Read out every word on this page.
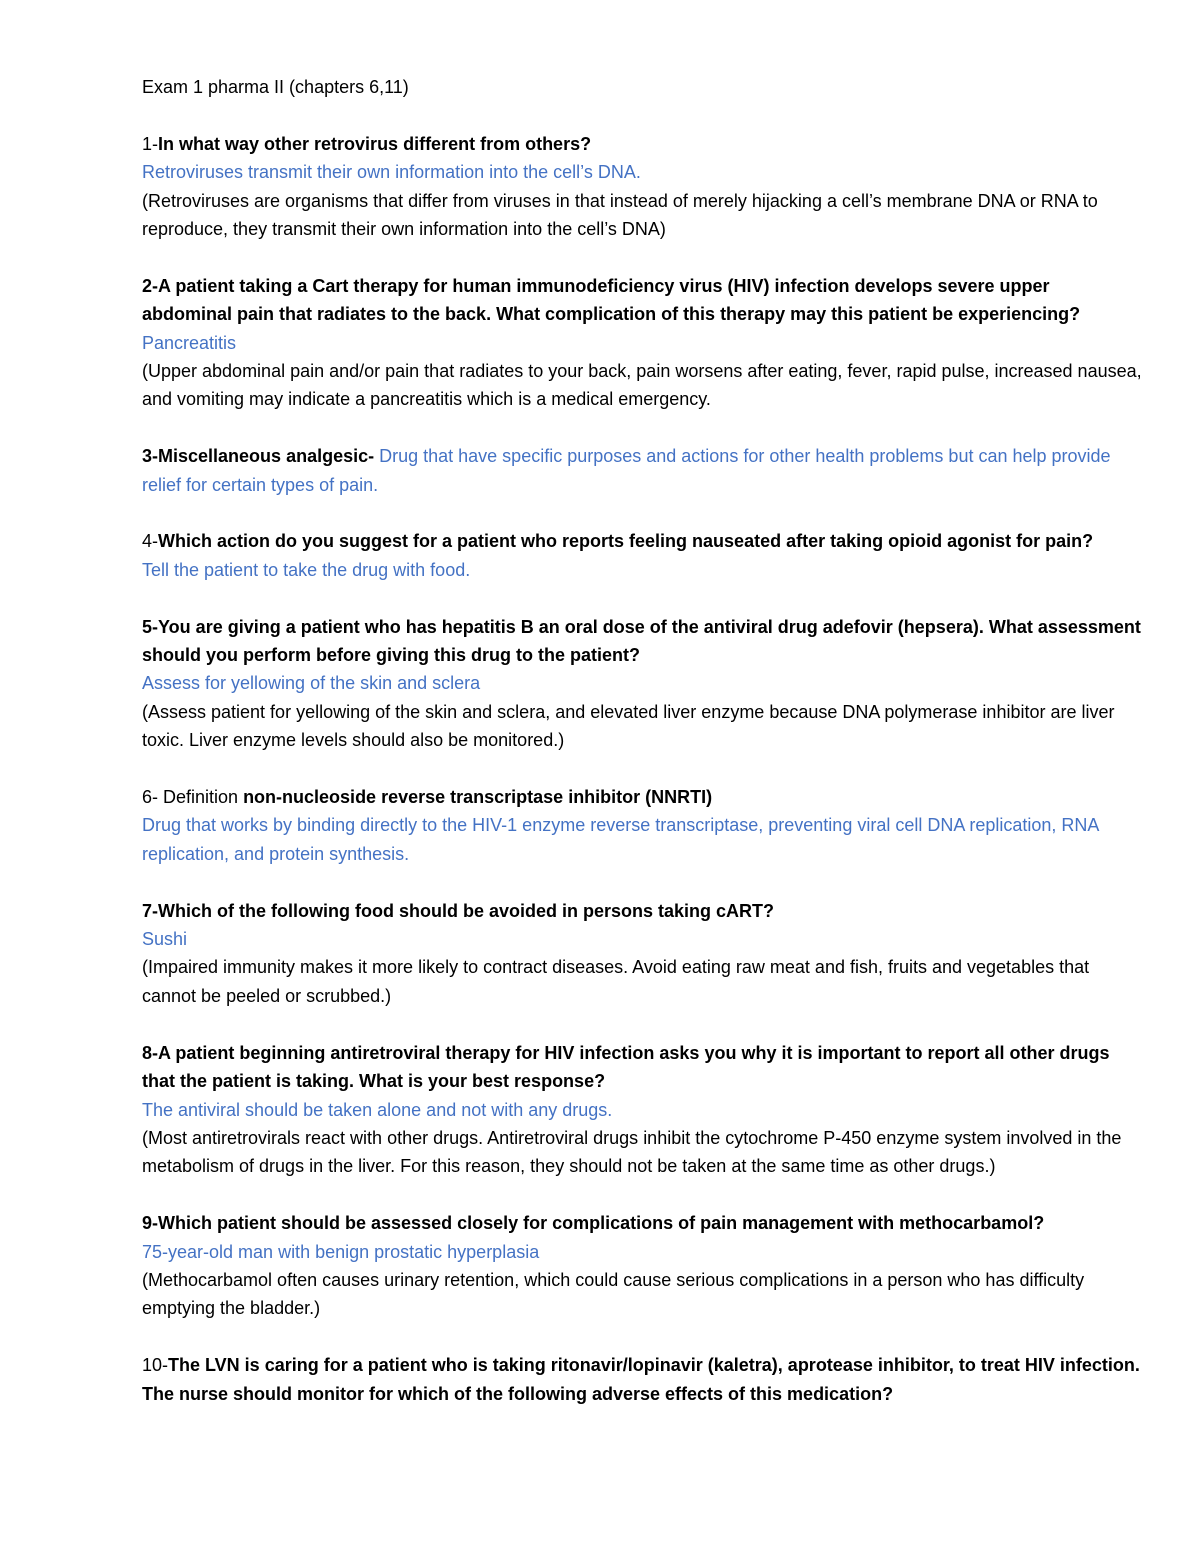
Exam 1 pharma II (chapters 6,11)

1-In what way other retrovirus different from others?

Retroviruses transmit their own information into the cell’s DNA.

(Retroviruses are organisms that differ from viruses in that instead of merely hijacking a cell’s membrane DNA or RNA to reproduce, they transmit their own information into the cell’s DNA)

2-A patient taking a Cart therapy for human immunodeficiency virus (HIV) infection develops severe upper abdominal pain that radiates to the back. What complication of this therapy may this patient be experiencing?

Pancreatitis

(Upper abdominal pain and/or pain that radiates to your back, pain worsens after eating, fever, rapid pulse, increased nausea, and vomiting may indicate a pancreatitis which is a medical emergency.

3-Miscellaneous analgesic- Drug that have specific purposes and actions for other health problems but can help provide relief for certain types of pain.

4-Which action do you suggest for a patient who reports feeling nauseated after taking opioid agonist for pain?

Tell the patient to take the drug with food.

5-You are giving a patient who has hepatitis B an oral dose of the antiviral drug adefovir (hepsera). What assessment should you perform before giving this drug to the patient?

Assess for yellowing of the skin and sclera

(Assess patient for yellowing of the skin and sclera, and elevated liver enzyme because DNA polymerase inhibitor are liver toxic. Liver enzyme levels should also be monitored.)

6- Definition non-nucleoside reverse transcriptase inhibitor (NNRTI)

Drug that works by binding directly to the HIV-1 enzyme reverse transcriptase, preventing viral cell DNA replication, RNA replication, and protein synthesis.

7-Which of the following food should be avoided in persons taking cART?

Sushi

(Impaired immunity makes it more likely to contract diseases. Avoid eating raw meat and fish, fruits and vegetables that cannot be peeled or scrubbed.)

8-A patient beginning antiretroviral therapy for HIV infection asks you why it is important to report all other drugs that the patient is taking. What is your best response?

The antiviral should be taken alone and not with any drugs.

(Most antiretrovirals react with other drugs. Antiretroviral drugs inhibit the cytochrome P-450 enzyme system involved in the metabolism of drugs in the liver. For this reason, they should not be taken at the same time as other drugs.)

9-Which patient should be assessed closely for complications of pain management with methocarbamol?

75-year-old man with benign prostatic hyperplasia

(Methocarbamol often causes urinary retention, which could cause serious complications in a person who has difficulty emptying the bladder.)

10-The LVN is caring for a patient who is taking ritonavir/lopinavir (kaletra), aprotease inhibitor, to treat HIV infection. The nurse should monitor for which of the following adverse effects of this medication?
